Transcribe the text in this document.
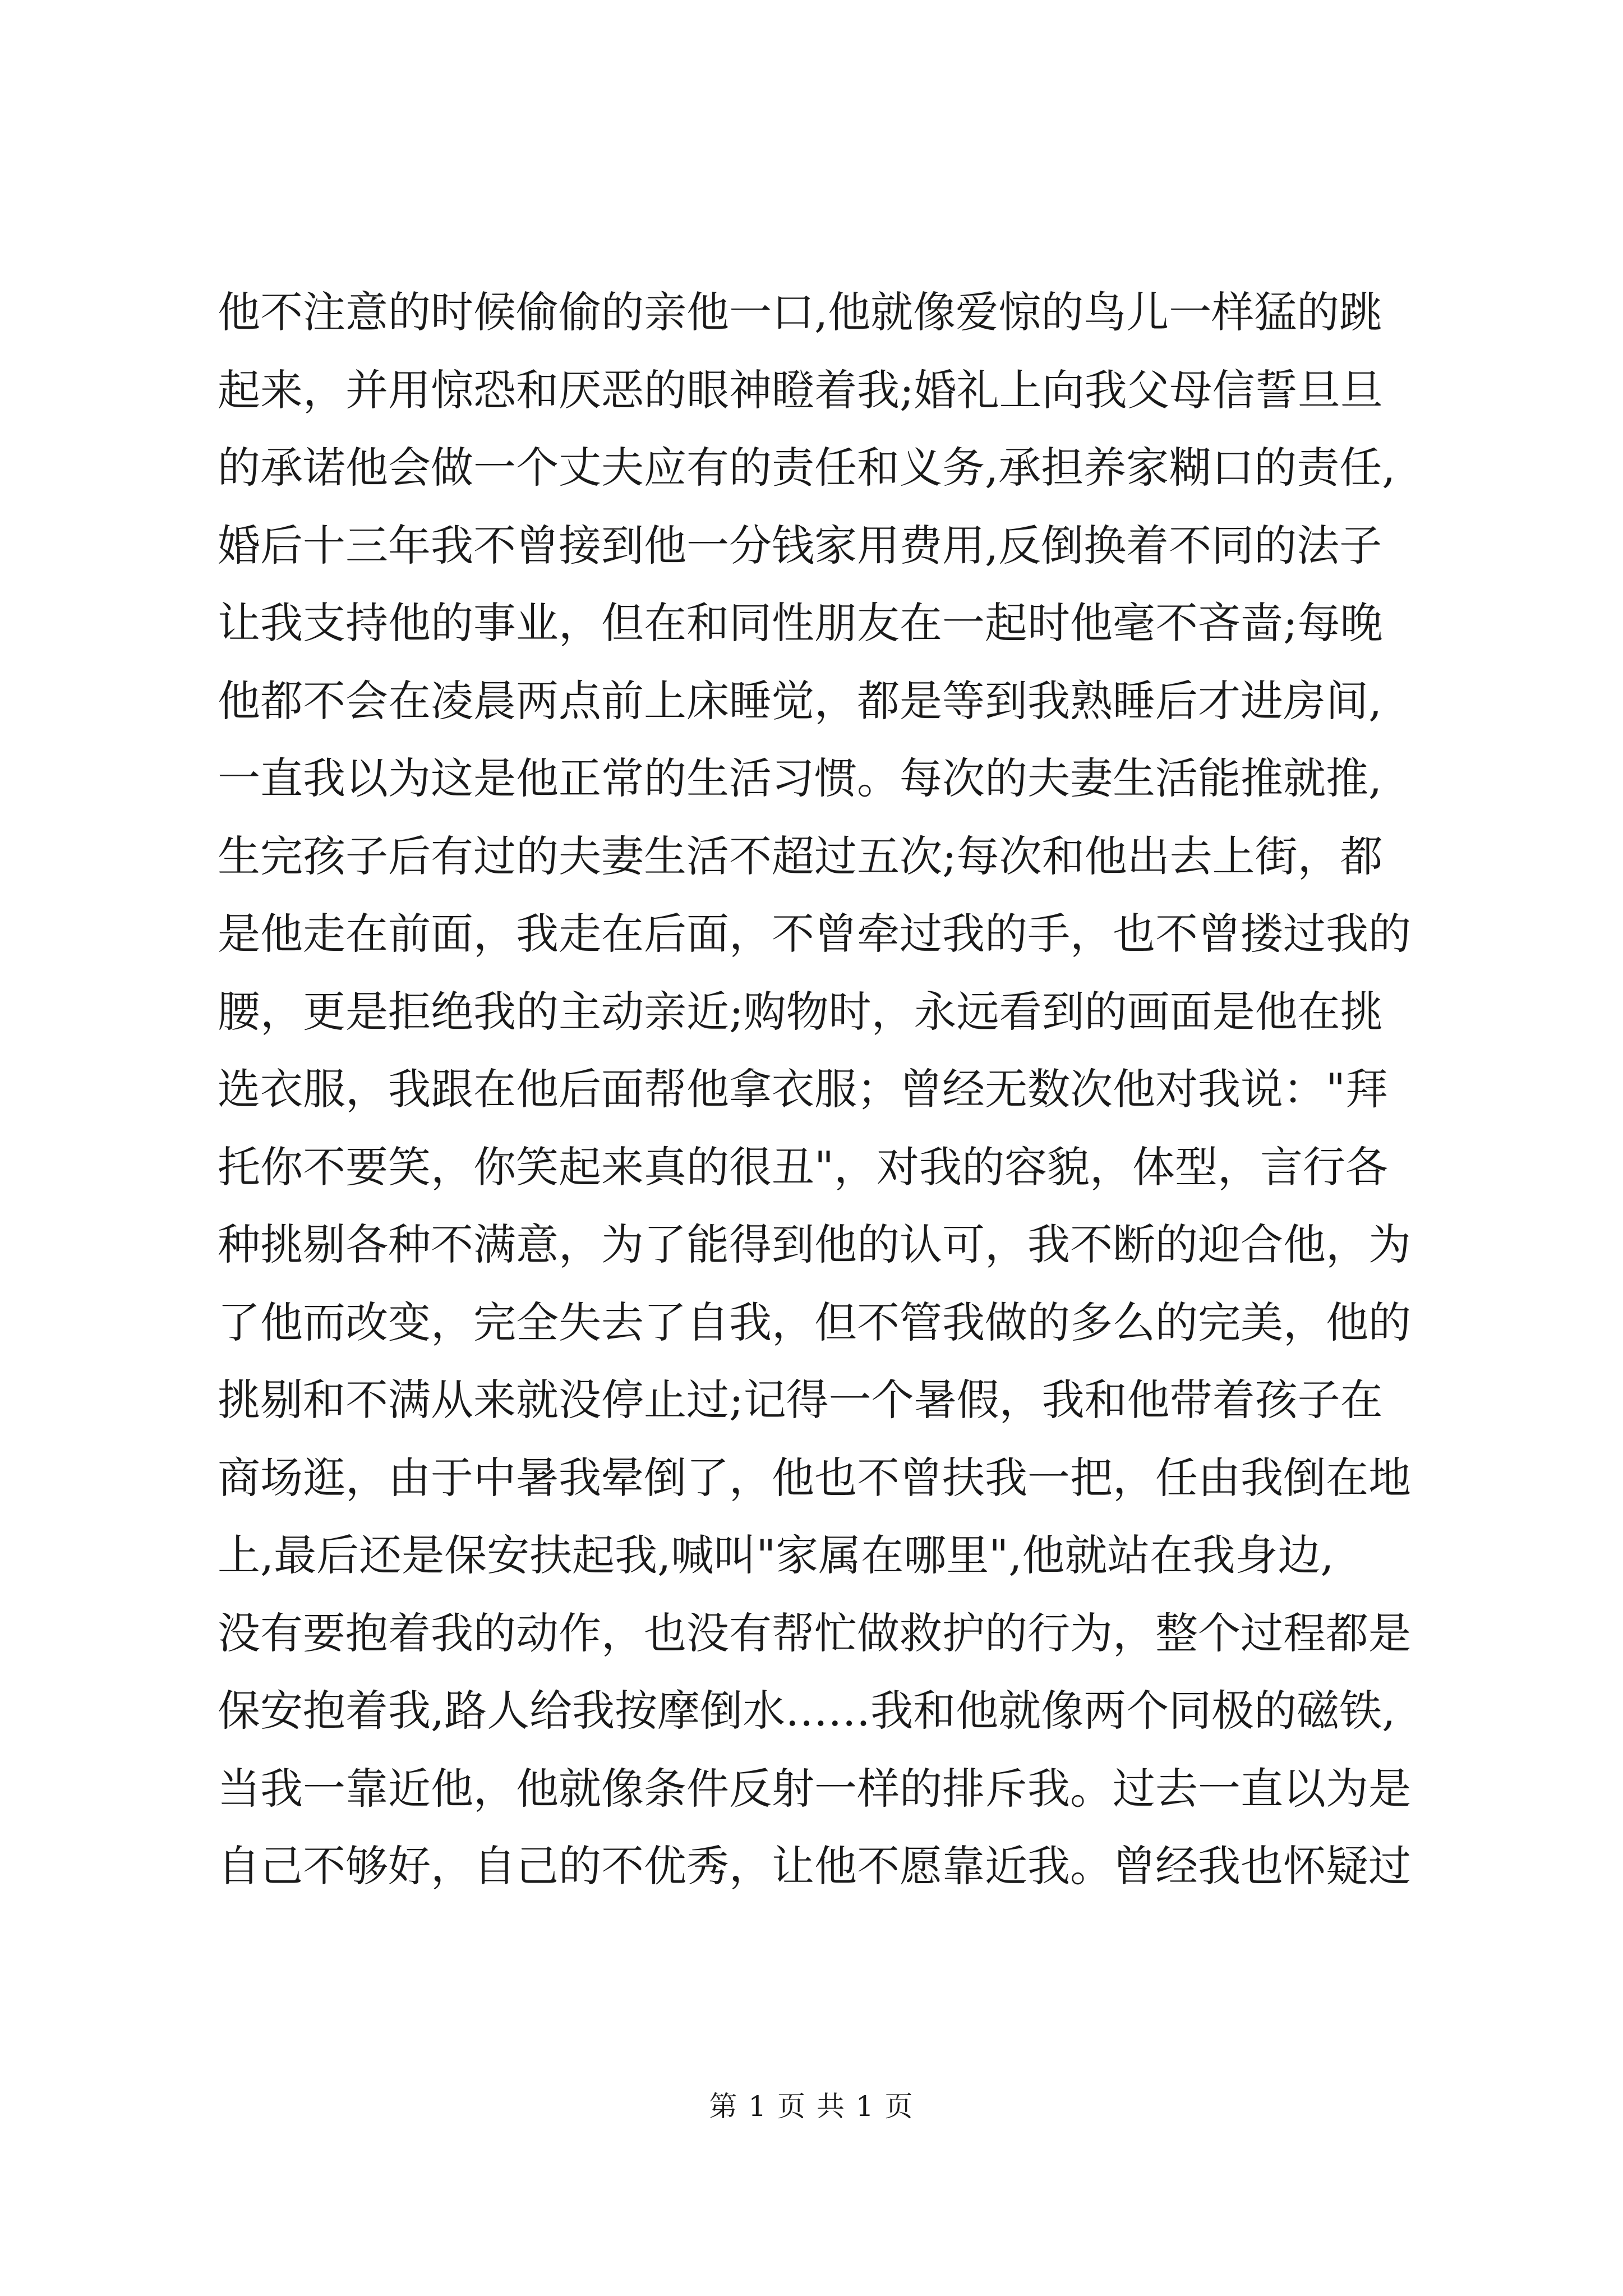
他不注意的时候偷偷的亲他一口,他就像爱惊的鸟儿一样猛的跳
起来，并用惊恐和厌恶的眼神瞪着我;婚礼上向我父母信誓旦旦
的承诺他会做一个丈夫应有的责任和义务,承担养家糊口的责任,
婚后十三年我不曾接到他一分钱家用费用,反倒换着不同的法子
让我支持他的事业，但在和同性朋友在一起时他毫不吝啬;每晚
他都不会在凌晨两点前上床睡觉，都是等到我熟睡后才进房间,
一直我以为这是他正常的生活习惯。每次的夫妻生活能推就推,
生完孩子后有过的夫妻生活不超过五次;每次和他出去上街，都
是他走在前面，我走在后面，不曾牵过我的手，也不曾搂过我的
腰，更是拒绝我的主动亲近;购物时，永远看到的画面是他在挑
选衣服，我跟在他后面帮他拿衣服；曾经无数次他对我说："拜
托你不要笑，你笑起来真的很丑"，对我的容貌，体型，言行各
种挑剔各种不满意，为了能得到他的认可，我不断的迎合他，为
了他而改变，完全失去了自我，但不管我做的多么的完美，他的
挑剔和不满从来就没停止过;记得一个暑假，我和他带着孩子在
商场逛，由于中暑我晕倒了，他也不曾扶我一把，任由我倒在地
上,最后还是保安扶起我,喊叫"家属在哪里",他就站在我身边,
没有要抱着我的动作，也没有帮忙做救护的行为，整个过程都是
保安抱着我,路人给我按摩倒水……我和他就像两个同极的磁铁,
当我一靠近他，他就像条件反射一样的排斥我。过去一直以为是
自己不够好，自己的不优秀，让他不愿靠近我。曾经我也怀疑过
第 1 页 共 1 页
